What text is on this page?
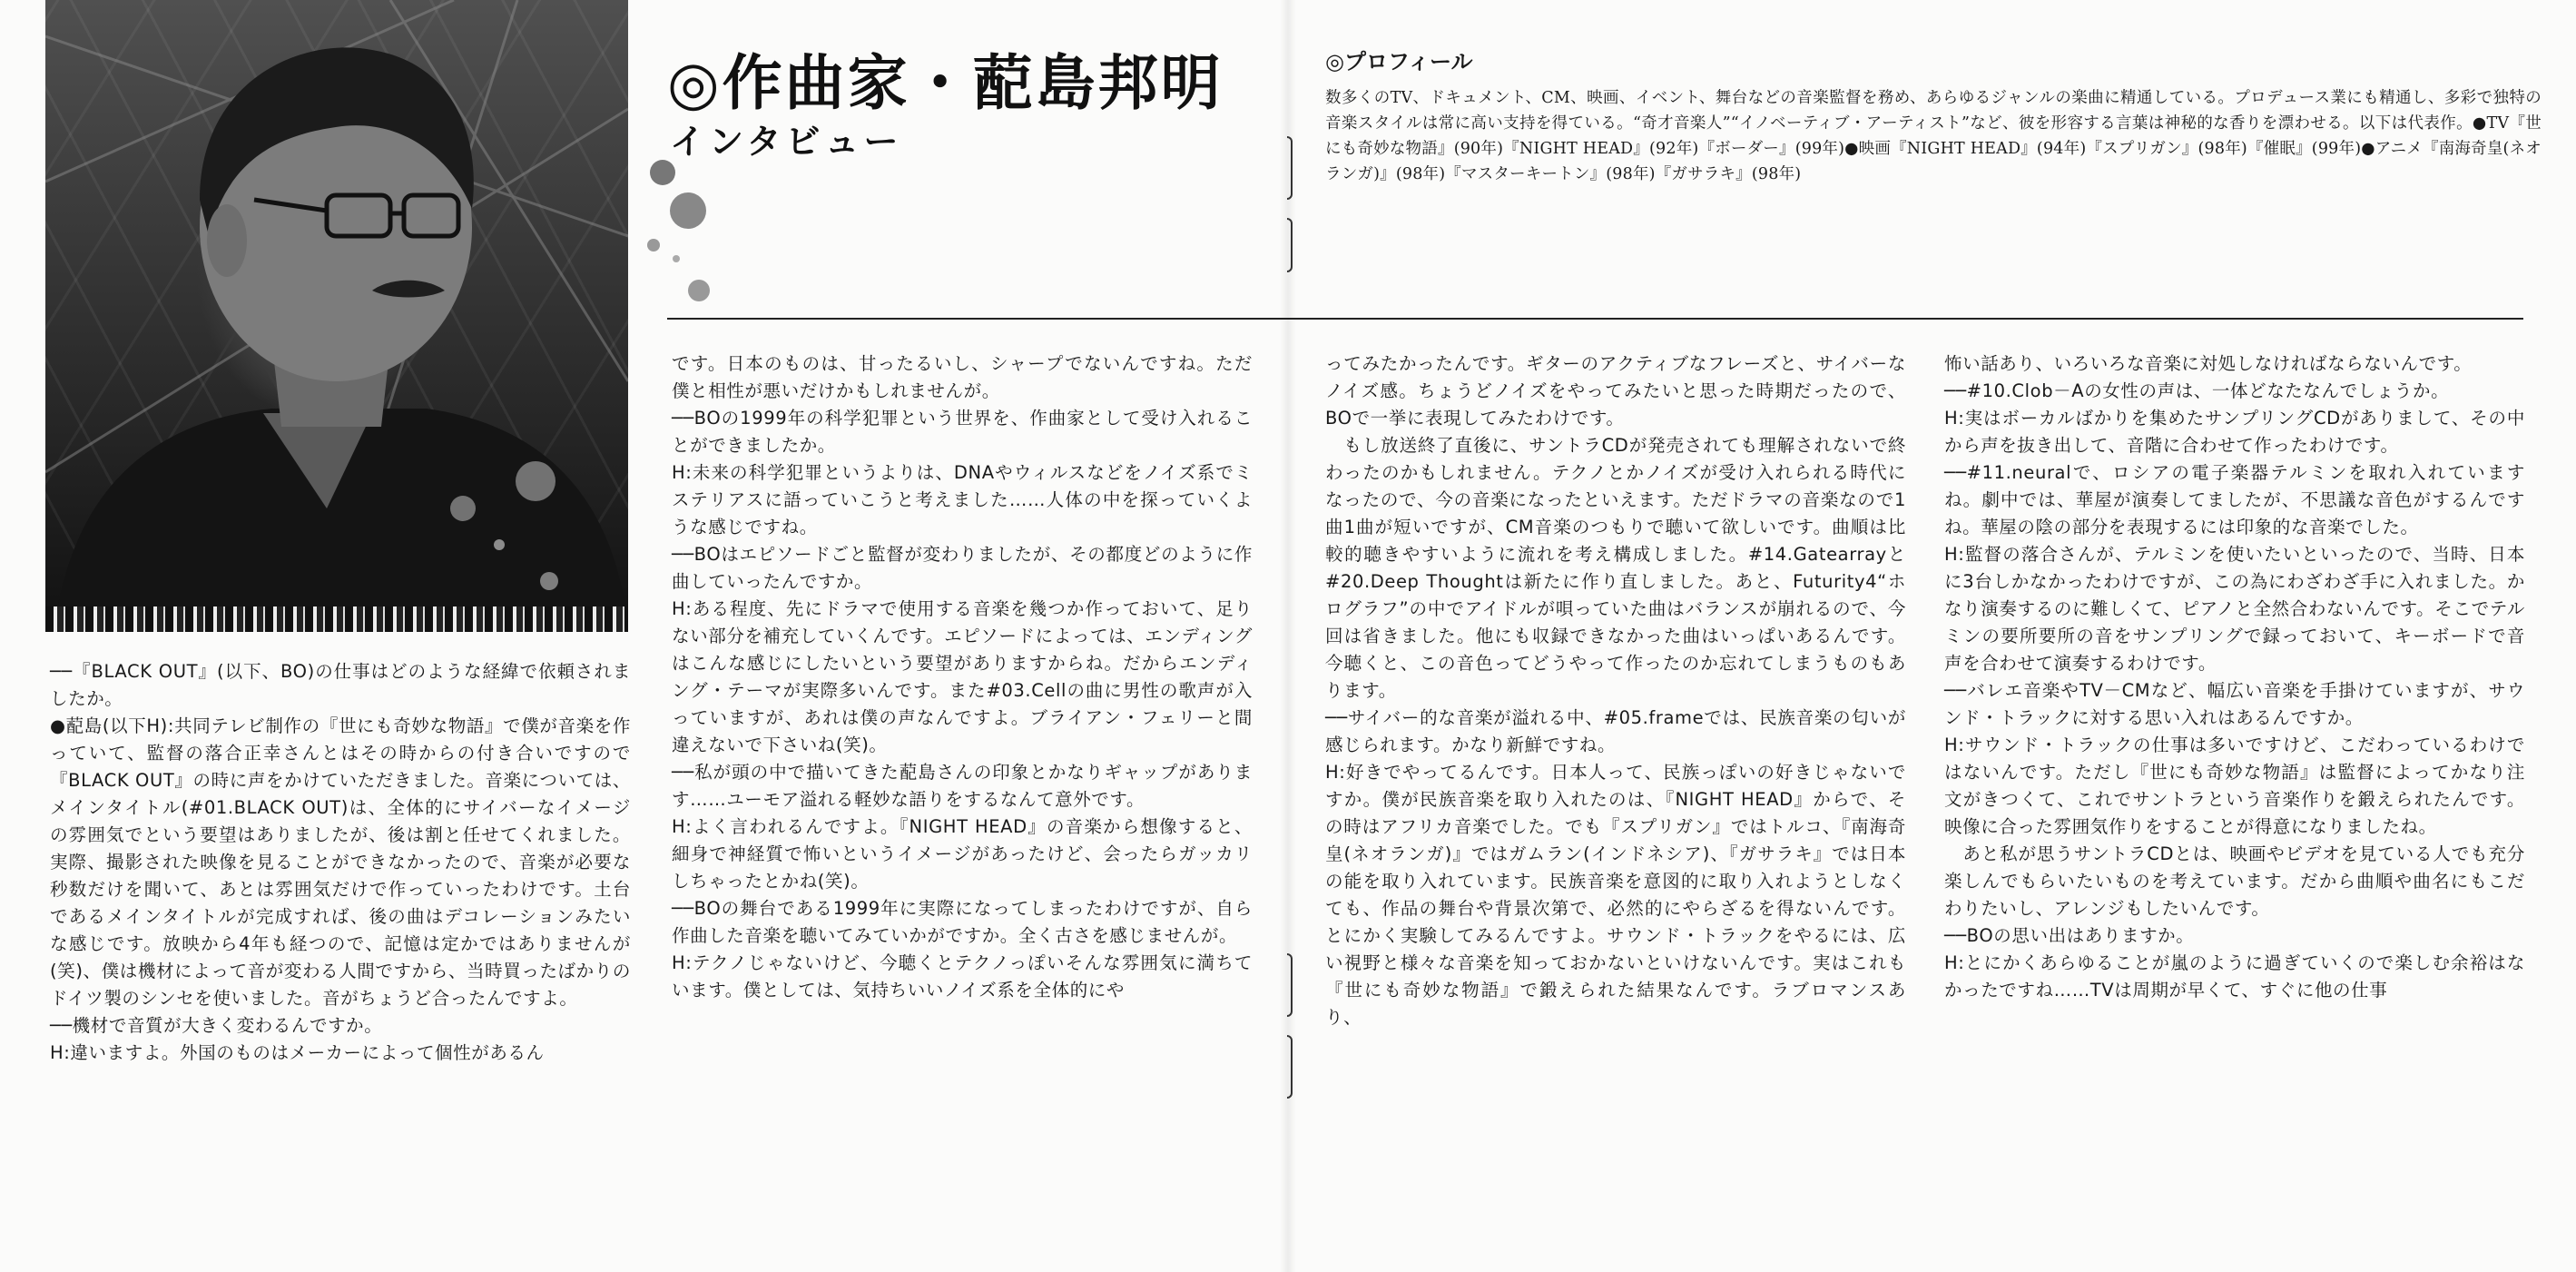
◎作曲家・蓜島邦明
インタビュー
◎プロフィール
数多くのTV、ドキュメント、CM、映画、イベント、舞台などの音楽監督を務め、あらゆるジャンルの楽曲に精通している。プロデュース業にも精通し、多彩で独特の音楽スタイルは常に高い支持を得ている。“奇才音楽人”“イノベーティブ・アーティスト”など、彼を形容する言葉は神秘的な香りを漂わせる。以下は代表作。●TV『世にも奇妙な物語』(90年)『NIGHT HEAD』(92年)『ボーダー』(99年)●映画『NIGHT HEAD』(94年)『スプリガン』(98年)『催眠』(99年)●アニメ『南海奇皇(ネオランガ)』(98年)『マスターキートン』(98年)『ガサラキ』(98年)

──『BLACK OUT』(以下、BO)の仕事はどのような経緯で依頼されましたか。

●蓜島(以下H):共同テレビ制作の『世にも奇妙な物語』で僕が音楽を作っていて、監督の落合正幸さんとはその時からの付き合いですので『BLACK OUT』の時に声をかけていただきました。音楽については、メインタイトル(#01.BLACK OUT)は、全体的にサイバーなイメージの雰囲気でという要望はありましたが、後は割と任せてくれました。実際、撮影された映像を見ることができなかったので、音楽が必要な秒数だけを聞いて、あとは雰囲気だけで作っていったわけです。土台であるメインタイトルが完成すれば、後の曲はデコレーションみたいな感じです。放映から4年も経つので、記憶は定かではありませんが(笑)、僕は機材によって音が変わる人間ですから、当時買ったばかりのドイツ製のシンセを使いました。音がちょうど合ったんですよ。

──機材で音質が大きく変わるんですか。

H:違いますよ。外国のものはメーカーによって個性があるん

です。日本のものは、甘ったるいし、シャープでないんですね。ただ僕と相性が悪いだけかもしれませんが。

──BOの1999年の科学犯罪という世界を、作曲家として受け入れることができましたか。

H:未来の科学犯罪というよりは、DNAやウィルスなどをノイズ系でミステリアスに語っていこうと考えました……人体の中を探っていくような感じですね。

──BOはエピソードごと監督が変わりましたが、その都度どのように作曲していったんですか。

H:ある程度、先にドラマで使用する音楽を幾つか作っておいて、足りない部分を補充していくんです。エピソードによっては、エンディングはこんな感じにしたいという要望がありますからね。だからエンディング・テーマが実際多いんです。また#03.Cellの曲に男性の歌声が入っていますが、あれは僕の声なんですよ。ブライアン・フェリーと間違えないで下さいね(笑)。

──私が頭の中で描いてきた蓜島さんの印象とかなりギャップがあります……ユーモア溢れる軽妙な語りをするなんて意外です。

H:よく言われるんですよ。『NIGHT HEAD』の音楽から想像すると、細身で神経質で怖いというイメージがあったけど、会ったらガッカリしちゃったとかね(笑)。

──BOの舞台である1999年に実際になってしまったわけですが、自ら作曲した音楽を聴いてみていかがですか。全く古さを感じませんが。

H:テクノじゃないけど、今聴くとテクノっぽいそんな雰囲気に満ちています。僕としては、気持ちいいノイズ系を全体的にや

ってみたかったんです。ギターのアクティブなフレーズと、サイバーなノイズ感。ちょうどノイズをやってみたいと思った時期だったので、BOで一挙に表現してみたわけです。

　もし放送終了直後に、サントラCDが発売されても理解されないで終わったのかもしれません。テクノとかノイズが受け入れられる時代になったので、今の音楽になったといえます。ただドラマの音楽なので1曲1曲が短いですが、CM音楽のつもりで聴いて欲しいです。曲順は比較的聴きやすいように流れを考え構成しました。#14.Gatearrayと#20.Deep Thoughtは新たに作り直しました。あと、Futurity4“ホログラフ”の中でアイドルが唄っていた曲はバランスが崩れるので、今回は省きました。他にも収録できなかった曲はいっぱいあるんです。今聴くと、この音色ってどうやって作ったのか忘れてしまうものもあります。

──サイバー的な音楽が溢れる中、#05.frameでは、民族音楽の匂いが感じられます。かなり新鮮ですね。

H:好きでやってるんです。日本人って、民族っぽいの好きじゃないですか。僕が民族音楽を取り入れたのは、『NIGHT HEAD』からで、その時はアフリカ音楽でした。でも『スプリガン』ではトルコ、『南海奇皇(ネオランガ)』ではガムラン(インドネシア)、『ガサラキ』では日本の能を取り入れています。民族音楽を意図的に取り入れようとしなくても、作品の舞台や背景次第で、必然的にやらざるを得ないんです。とにかく実験してみるんですよ。サウンド・トラックをやるには、広い視野と様々な音楽を知っておかないといけないんです。実はこれも『世にも奇妙な物語』で鍛えられた結果なんです。ラブロマンスあり、

怖い話あり、いろいろな音楽に対処しなければならないんです。

──#10.Clob－Aの女性の声は、一体どなたなんでしょうか。

H:実はボーカルばかりを集めたサンプリングCDがありまして、その中から声を抜き出して、音階に合わせて作ったわけです。

──#11.neuralで、ロシアの電子楽器テルミンを取れ入れていますね。劇中では、華屋が演奏してましたが、不思議な音色がするんですね。華屋の陰の部分を表現するには印象的な音楽でした。

H:監督の落合さんが、テルミンを使いたいといったので、当時、日本に3台しかなかったわけですが、この為にわざわざ手に入れました。かなり演奏するのに難しくて、ピアノと全然合わないんです。そこでテルミンの要所要所の音をサンプリングで録っておいて、キーボードで音声を合わせて演奏するわけです。

──バレエ音楽やTV－CMなど、幅広い音楽を手掛けていますが、サウンド・トラックに対する思い入れはあるんですか。

H:サウンド・トラックの仕事は多いですけど、こだわっているわけではないんです。ただし『世にも奇妙な物語』は監督によってかなり注文がきつくて、これでサントラという音楽作りを鍛えられたんです。映像に合った雰囲気作りをすることが得意になりましたね。

　あと私が思うサントラCDとは、映画やビデオを見ている人でも充分楽しんでもらいたいものを考えています。だから曲順や曲名にもこだわりたいし、アレンジもしたいんです。

──BOの思い出はありますか。

H:とにかくあらゆることが嵐のように過ぎていくので楽しむ余裕はなかったですね……TVは周期が早くて、すぐに他の仕事
